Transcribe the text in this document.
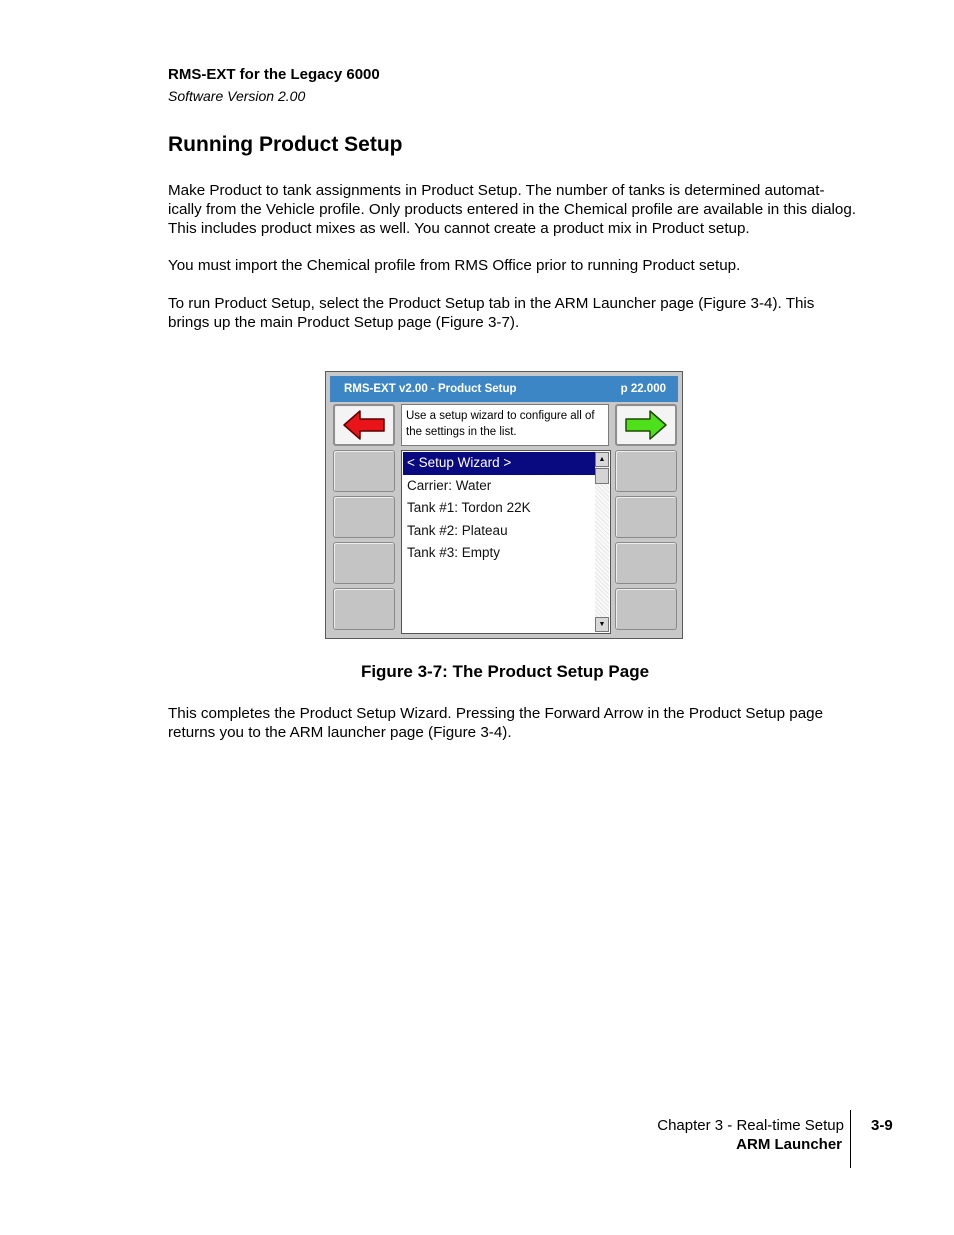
RMS-EXT for the Legacy 6000
Software Version 2.00
Running Product Setup

Make Product to tank assignments in Product Setup. The number of tanks is determined automat-ically from the Vehicle profile. Only products entered in the Chemical profile are available in this dialog. This includes product mixes as well. You cannot create a product mix in Product setup.

You must import the Chemical profile from RMS Office prior to running Product setup.

To run Product Setup, select the Product Setup tab in the ARM Launcher page (Figure 3-4). This brings up the main Product Setup page (Figure 3-7).

RMS-EXT v2.00 - Product Setup	p 22.000
Use a setup wizard to configure all of the settings in the list.
< Setup Wizard >
Carrier: Water
Tank #1: Tordon 22K
Tank #2: Plateau
Tank #3: Empty
▲
▼
Figure 3-7: The Product Setup Page

This completes the Product Setup Wizard. Pressing the Forward Arrow in the Product Setup page returns you to the ARM launcher page (Figure 3-4).

Chapter 3 - Real-time Setup
ARM Launcher
3-9
